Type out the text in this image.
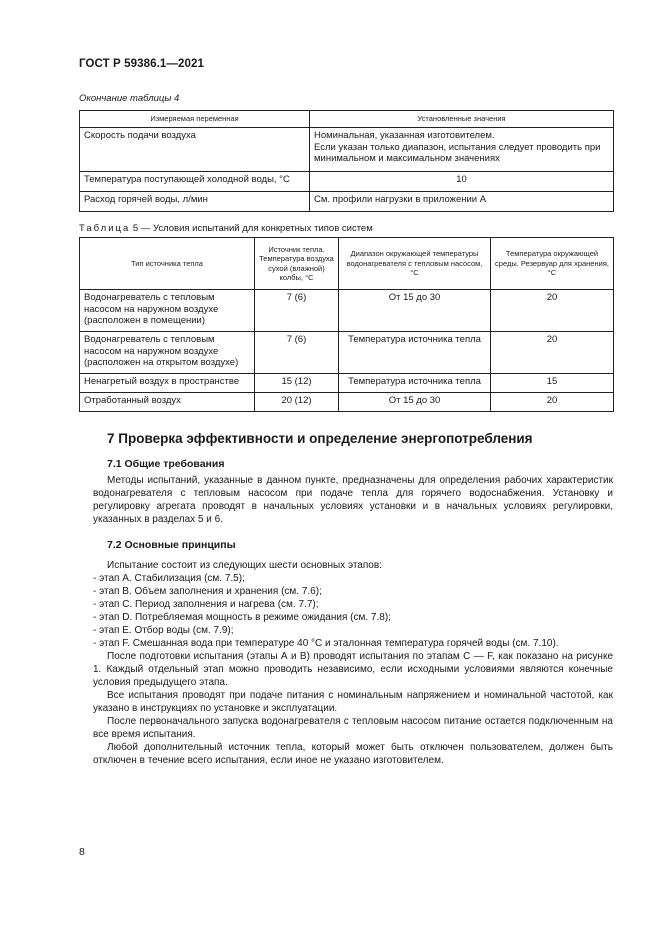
ГОСТ Р 59386.1—2021
Окончание таблицы 4
Измеряемая переменная	Установленные значения
Скорость подачи воздуха	Номинальная, указанная изготовителем.
Если указан только диапазон, испытания следует проводить при минимальном и максимальном значениях

Температура поступающей холодной воды, °C	10
Расход горячей воды, л/мин	См. профили нагрузки в приложении А
Таблица 5 — Условия испытаний для конкретных типов систем
Тип источника тепла	Источник тепла. Температура воздуха сухой (влажной) колбы, °C	Диапазон окружающей температуры водонагревателя с тепловым насосом, °C	Температура окружающей среды. Резервуар для хранения, °C
Водонагреватель с тепловым насосом на наружном воздухе (расположен в помещении)	7 (6)	От 15 до 30	20
Водонагреватель с тепловым насосом на наружном воздухе (расположен на открытом воздухе)	7 (6)	Температура источника тепла	20
Ненагретый воздух в пространстве	15 (12)	Температура источника тепла	15
Отработанный воздух	20 (12)	От 15 до 30	20
7 Проверка эффективности и определение энергопотребления
7.1 Общие требования

Методы испытаний, указанные в данном пункте, предназначены для определения рабочих характеристик водонагревателя с тепловым насосом при подаче тепла для горячего водоснабжения. Установку и регулировку агрегата проводят в начальных условиях установки и в начальных условиях регулировки, указанных в разделах 5 и 6.

7.2 Основные принципы
Испытание состоит из следующих шести основных этапов:
- этап А. Стабилизация (см. 7.5);
- этап В. Объем заполнения и хранения (см. 7.6);
- этап С. Период заполнения и нагрева (см. 7.7);
- этап D. Потребляемая мощность в режиме ожидания (см. 7.8);
- этап Е. Отбор воды (см. 7.9);
- этап F. Смешанная вода при температуре 40 °C и эталонная температура горячей воды (см. 7.10).

После подготовки испытания (этапы А и В) проводят испытания по этапам С — F, как показано на рисунке 1. Каждый отдельный этап можно проводить независимо, если исходными условиями являются конечные условия предыдущего этапа.

Все испытания проводят при подаче питания с номинальным напряжением и номинальной частотой, как указано в инструкциях по установке и эксплуатации.

После первоначального запуска водонагревателя с тепловым насосом питание остается подключенным на все время испытания.

Любой дополнительный источник тепла, который может быть отключен пользователем, должен быть отключен в течение всего испытания, если иное не указано изготовителем.

8
